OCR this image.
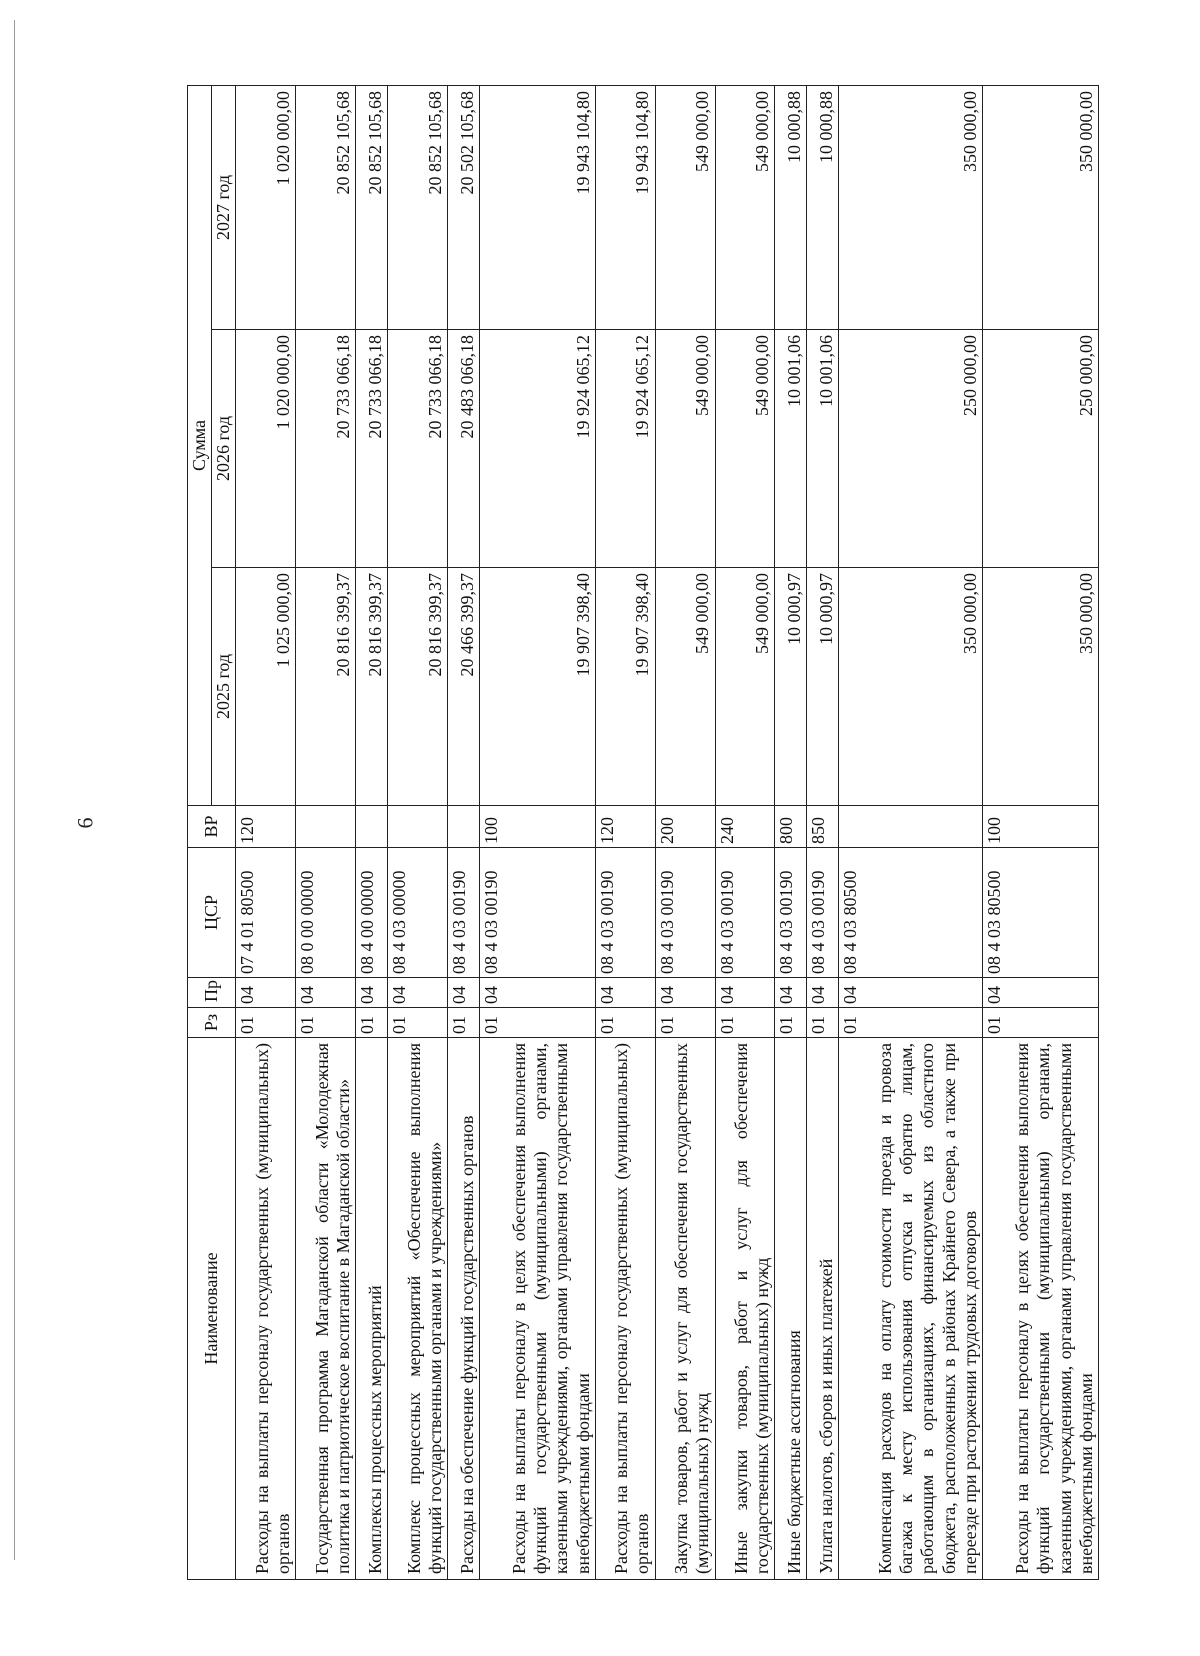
6
Наименование	Рз	Пр	ЦСР	ВР	Сумма		
					2025 год	2026 год	2027 год
Расходы на выплаты персоналу государственных (муниципальных) органов	01	04	07 4 01 80500	120	1 025 000,00	1 020 000,00	1 020 000,00
Государственная программа Магаданской области «Молодежная политика и патриотическое воспитание в Магаданской области»	01	04	08 0 00 00000		20 816 399,37	20 733 066,18	20 852 105,68
Комплексы процессных мероприятий	01	04	08 4 00 00000		20 816 399,37	20 733 066,18	20 852 105,68
Комплекс процессных мероприятий «Обеспечение выполнения функций государственными органами и учреждениями»	01	04	08 4 03 00000		20 816 399,37	20 733 066,18	20 852 105,68
Расходы на обеспечение функций государственных органов	01	04	08 4 03 00190		20 466 399,37	20 483 066,18	20 502 105,68
Расходы на выплаты персоналу в целях обеспечения выполнения функций государственными (муниципальными) органами, казенными учреждениями, органами управления государственными внебюджетными фондами	01	04	08 4 03 00190	100	19 907 398,40	19 924 065,12	19 943 104,80
Расходы на выплаты персоналу государственных (муниципальных) органов	01	04	08 4 03 00190	120	19 907 398,40	19 924 065,12	19 943 104,80
Закупка товаров, работ и услуг для обеспечения государственных (муниципальных) нужд	01	04	08 4 03 00190	200	549 000,00	549 000,00	549 000,00
Иные закупки товаров, работ и услуг для обеспечения государственных (муниципальных) нужд	01	04	08 4 03 00190	240	549 000,00	549 000,00	549 000,00
Иные бюджетные ассигнования	01	04	08 4 03 00190	800	10 000,97	10 001,06	10 000,88
Уплата налогов, сборов и иных платежей	01	04	08 4 03 00190	850	10 000,97	10 001,06	10 000,88
Компенсация расходов на оплату стоимости проезда и провоза багажа к месту использования отпуска и обратно лицам, работающим в организациях, финансируемых из областного бюджета, расположенных в районах Крайнего Севера, а также при переезде при расторжении трудовых договоров	01	04	08 4 03 80500		350 000,00	250 000,00	350 000,00
Расходы на выплаты персоналу в целях обеспечения выполнения функций государственными (муниципальными) органами, казенными учреждениями, органами управления государственными внебюджетными фондами	01	04	08 4 03 80500	100	350 000,00	250 000,00	350 000,00
